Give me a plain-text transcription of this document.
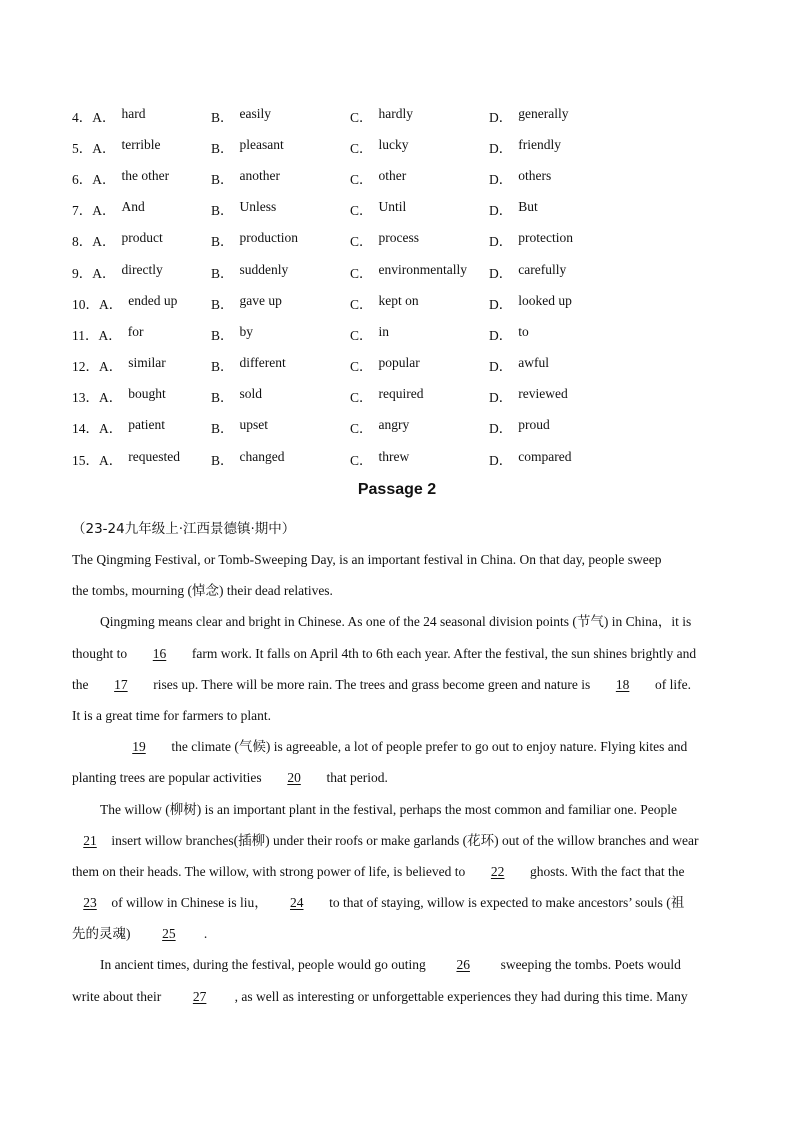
4． A． hard	B． easily	C． hardly	D． generally
5． A． terrible	B． pleasant	C． lucky	D． friendly
6． A． the other	B． another	C． other	D． others
7． A． And	B． Unless	C． Until	D． But
8． A． product	B． production	C． process	D． protection
9． A． directly	B． suddenly	C． environmentally D． carefully
10． A． ended up B． gave up	C． kept on	D． looked up
11． A． for	B． by	C． in	D． to
12． A． similar	B． different	C． popular	D． awful
13． A． bought	B． sold	C． required	D． reviewed
14． A． patient	B． upset	C． angry	D． proud
15． A． requested B． changed	C． threw	D． compared
Passage 2
（23-24九年级上·江西景德镇·期中）
The Qingming Festival, or Tomb-Sweeping Day, is an important festival in China. On that day, people sweep
the tombs, mourning (悼念) their dead relatives.
Qingming means clear and bright in Chinese. As one of the 24 seasonal division points (节气) in China，it is
thought to	16	farm work. It falls on April 4th to 6th each year. After the festival, the sun shines brightly and
the	17	rises up. There will be more rain. The trees and grass become green and nature is	18	of life.
It is a great time for farmers to plant.
19	the climate (气候) is agreeable, a lot of people prefer to go out to enjoy nature. Flying kites and
planting trees are popular activities	20	that period.
The willow (柳树) is an important plant in the festival, perhaps the most common and familiar one. People
21 insert willow branches(插柳) under their roofs or make garlands (花环) out of the willow branches and wear
them on their heads. The willow, with strong power of life, is believed to	22	ghosts. With the fact that the
23 of willow in Chinese is liu，	24	to that of staying, willow is expected to make ancestors’ souls (祖
先的灵魂)	25	.
In ancient times, during the festival, people would go outing	26	sweeping the tombs. Poets would
write about their	27	, as well as interesting or unforgettable experiences they had during this time. Many
